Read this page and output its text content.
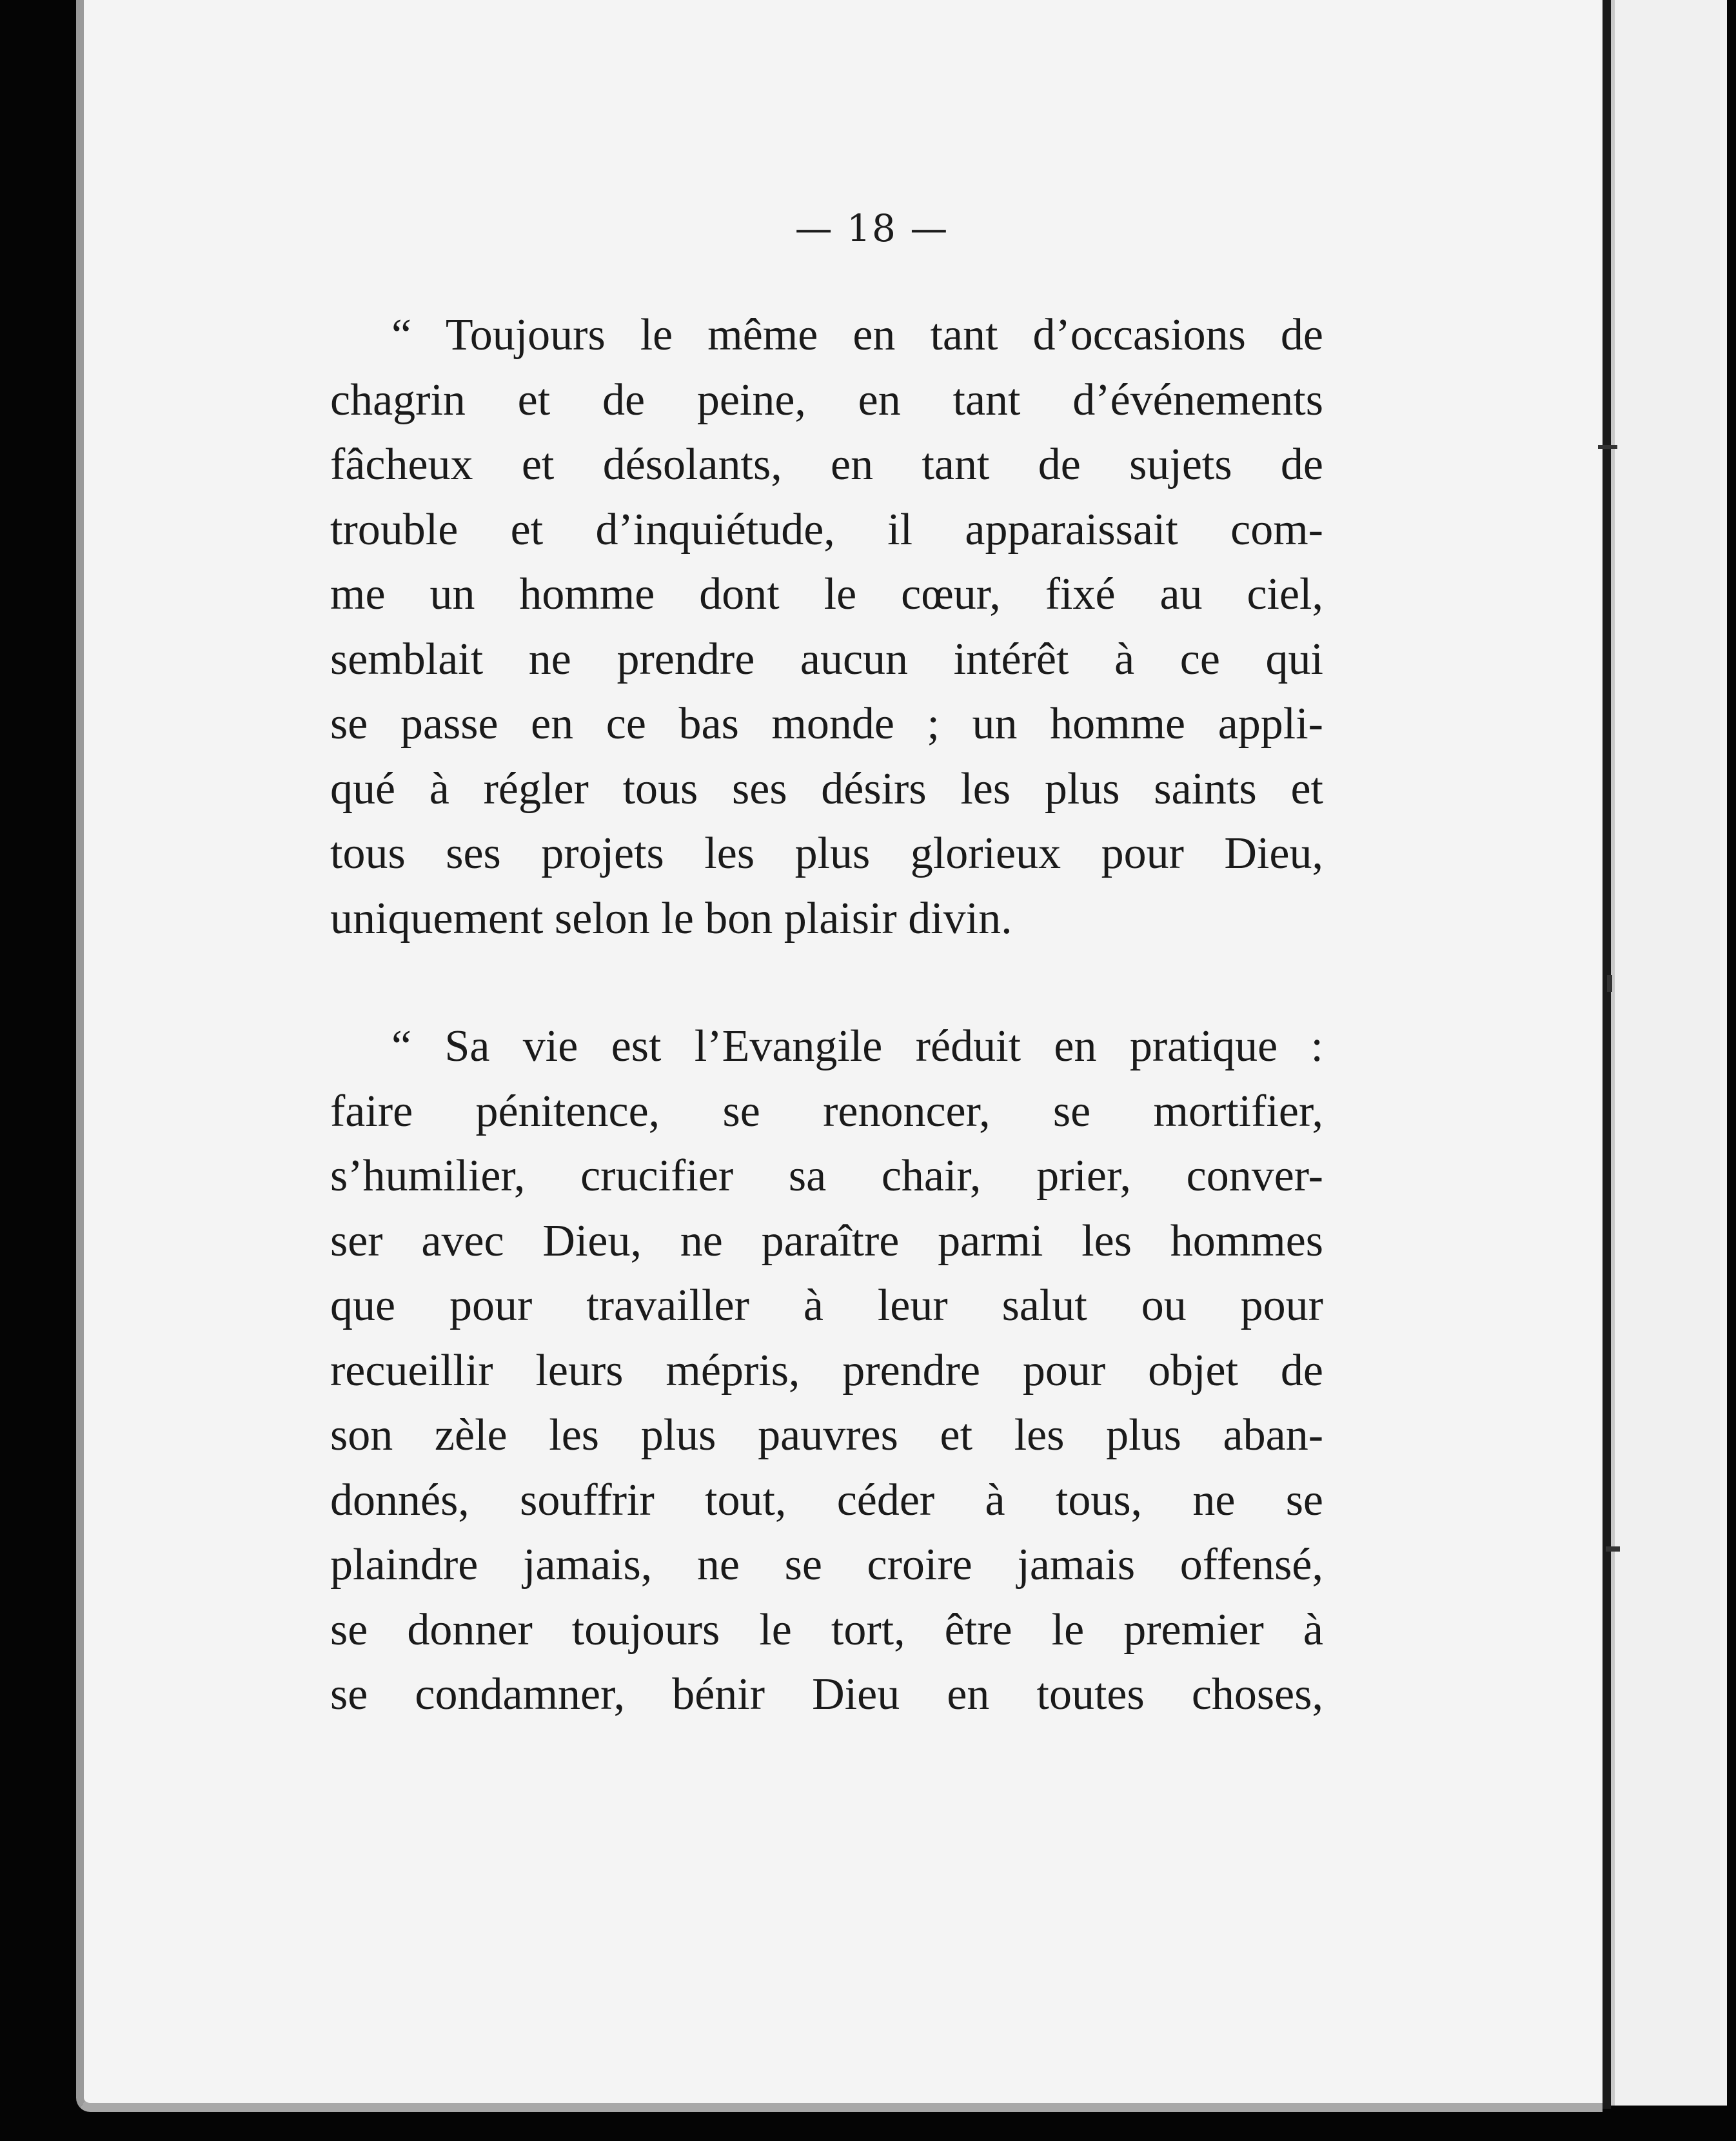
— 18 —

“ Toujours le même en tant d’occasions de
chagrin et de peine, en tant d’événements
fâcheux et désolants, en tant de sujets de
trouble et d’inquiétude, il apparaissait com-
me un homme dont le cœur, fixé au ciel,
semblait ne prendre aucun intérêt à ce qui
se passe en ce bas monde ; un homme appli-
qué à régler tous ses désirs les plus saints et
tous ses projets les plus glorieux pour Dieu,
uniquement selon le bon plaisir divin.

“ Sa vie est l’Evangile réduit en pratique :
faire pénitence, se renoncer, se mortifier,
s’humilier, crucifier sa chair, prier, conver-
ser avec Dieu, ne paraître parmi les hommes
que pour travailler à leur salut ou pour
recueillir leurs mépris, prendre pour objet de
son zèle les plus pauvres et les plus aban-
donnés, souffrir tout, céder à tous, ne se
plaindre jamais, ne se croire jamais offensé,
se donner toujours le tort, être le premier à
se condamner, bénir Dieu en toutes choses,
